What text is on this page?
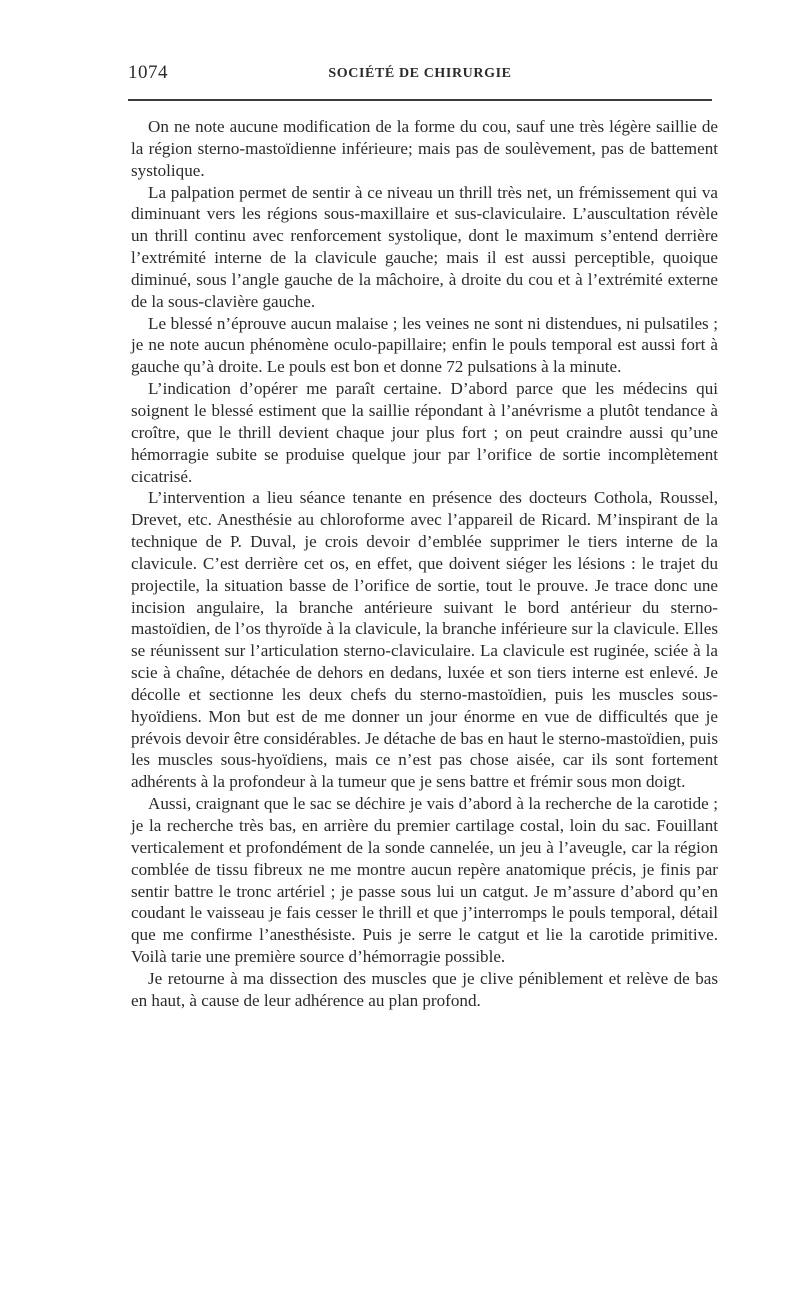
1074	SOCIÉTÉ DE CHIRURGIE

On ne note aucune modification de la forme du cou, sauf une très légère saillie de la région sterno-mastoïdienne inférieure; mais pas de soulèvement, pas de battement systolique.

La palpation permet de sentir à ce niveau un thrill très net, un frémissement qui va diminuant vers les régions sous-maxillaire et sus-claviculaire. L’auscultation révèle un thrill continu avec renforcement systolique, dont le maximum s’entend derrière l’extrémité interne de la clavicule gauche; mais il est aussi perceptible, quoique diminué, sous l’angle gauche de la mâchoire, à droite du cou et à l’extrémité externe de la sous-clavière gauche.

Le blessé n’éprouve aucun malaise ; les veines ne sont ni distendues, ni pulsatiles ; je ne note aucun phénomène oculo-papillaire; enfin le pouls temporal est aussi fort à gauche qu’à droite. Le pouls est bon et donne 72 pulsations à la minute.

L’indication d’opérer me paraît certaine. D’abord parce que les médecins qui soignent le blessé estiment que la saillie répondant à l’anévrisme a plutôt tendance à croître, que le thrill devient chaque jour plus fort ; on peut craindre aussi qu’une hémorragie subite se produise quelque jour par l’orifice de sortie incomplètement cicatrisé.

L’intervention a lieu séance tenante en présence des docteurs Cothola, Roussel, Drevet, etc. Anesthésie au chloroforme avec l’appareil de Ricard. M’inspirant de la technique de P. Duval, je crois devoir d’emblée supprimer le tiers interne de la clavicule. C’est derrière cet os, en effet, que doivent siéger les lésions : le trajet du projectile, la situation basse de l’orifice de sortie, tout le prouve. Je trace donc une incision angulaire, la branche antérieure suivant le bord antérieur du sterno-mastoïdien, de l’os thyroïde à la clavicule, la branche inférieure sur la clavicule. Elles se réunissent sur l’articulation sterno-claviculaire. La clavicule est ruginée, sciée à la scie à chaîne, détachée de dehors en dedans, luxée et son tiers interne est enlevé. Je décolle et sectionne les deux chefs du sterno-mastoïdien, puis les muscles sous-hyoïdiens. Mon but est de me donner un jour énorme en vue de difficultés que je prévois devoir être considérables. Je détache de bas en haut le sterno-mastoïdien, puis les muscles sous-hyoïdiens, mais ce n’est pas chose aisée, car ils sont fortement adhérents à la profondeur à la tumeur que je sens battre et frémir sous mon doigt.

Aussi, craignant que le sac se déchire je vais d’abord à la recherche de la carotide ; je la recherche très bas, en arrière du premier cartilage costal, loin du sac. Fouillant verticalement et profondément de la sonde cannelée, un jeu à l’aveugle, car la région comblée de tissu fibreux ne me montre aucun repère anatomique précis, je finis par sentir battre le tronc artériel ; je passe sous lui un catgut. Je m’assure d’abord qu’en coudant le vaisseau je fais cesser le thrill et que j’interromps le pouls temporal, détail que me confirme l’anesthésiste. Puis je serre le catgut et lie la carotide primitive. Voilà tarie une première source d’hémorragie possible.

Je retourne à ma dissection des muscles que je clive péniblement et relève de bas en haut, à cause de leur adhérence au plan profond.
